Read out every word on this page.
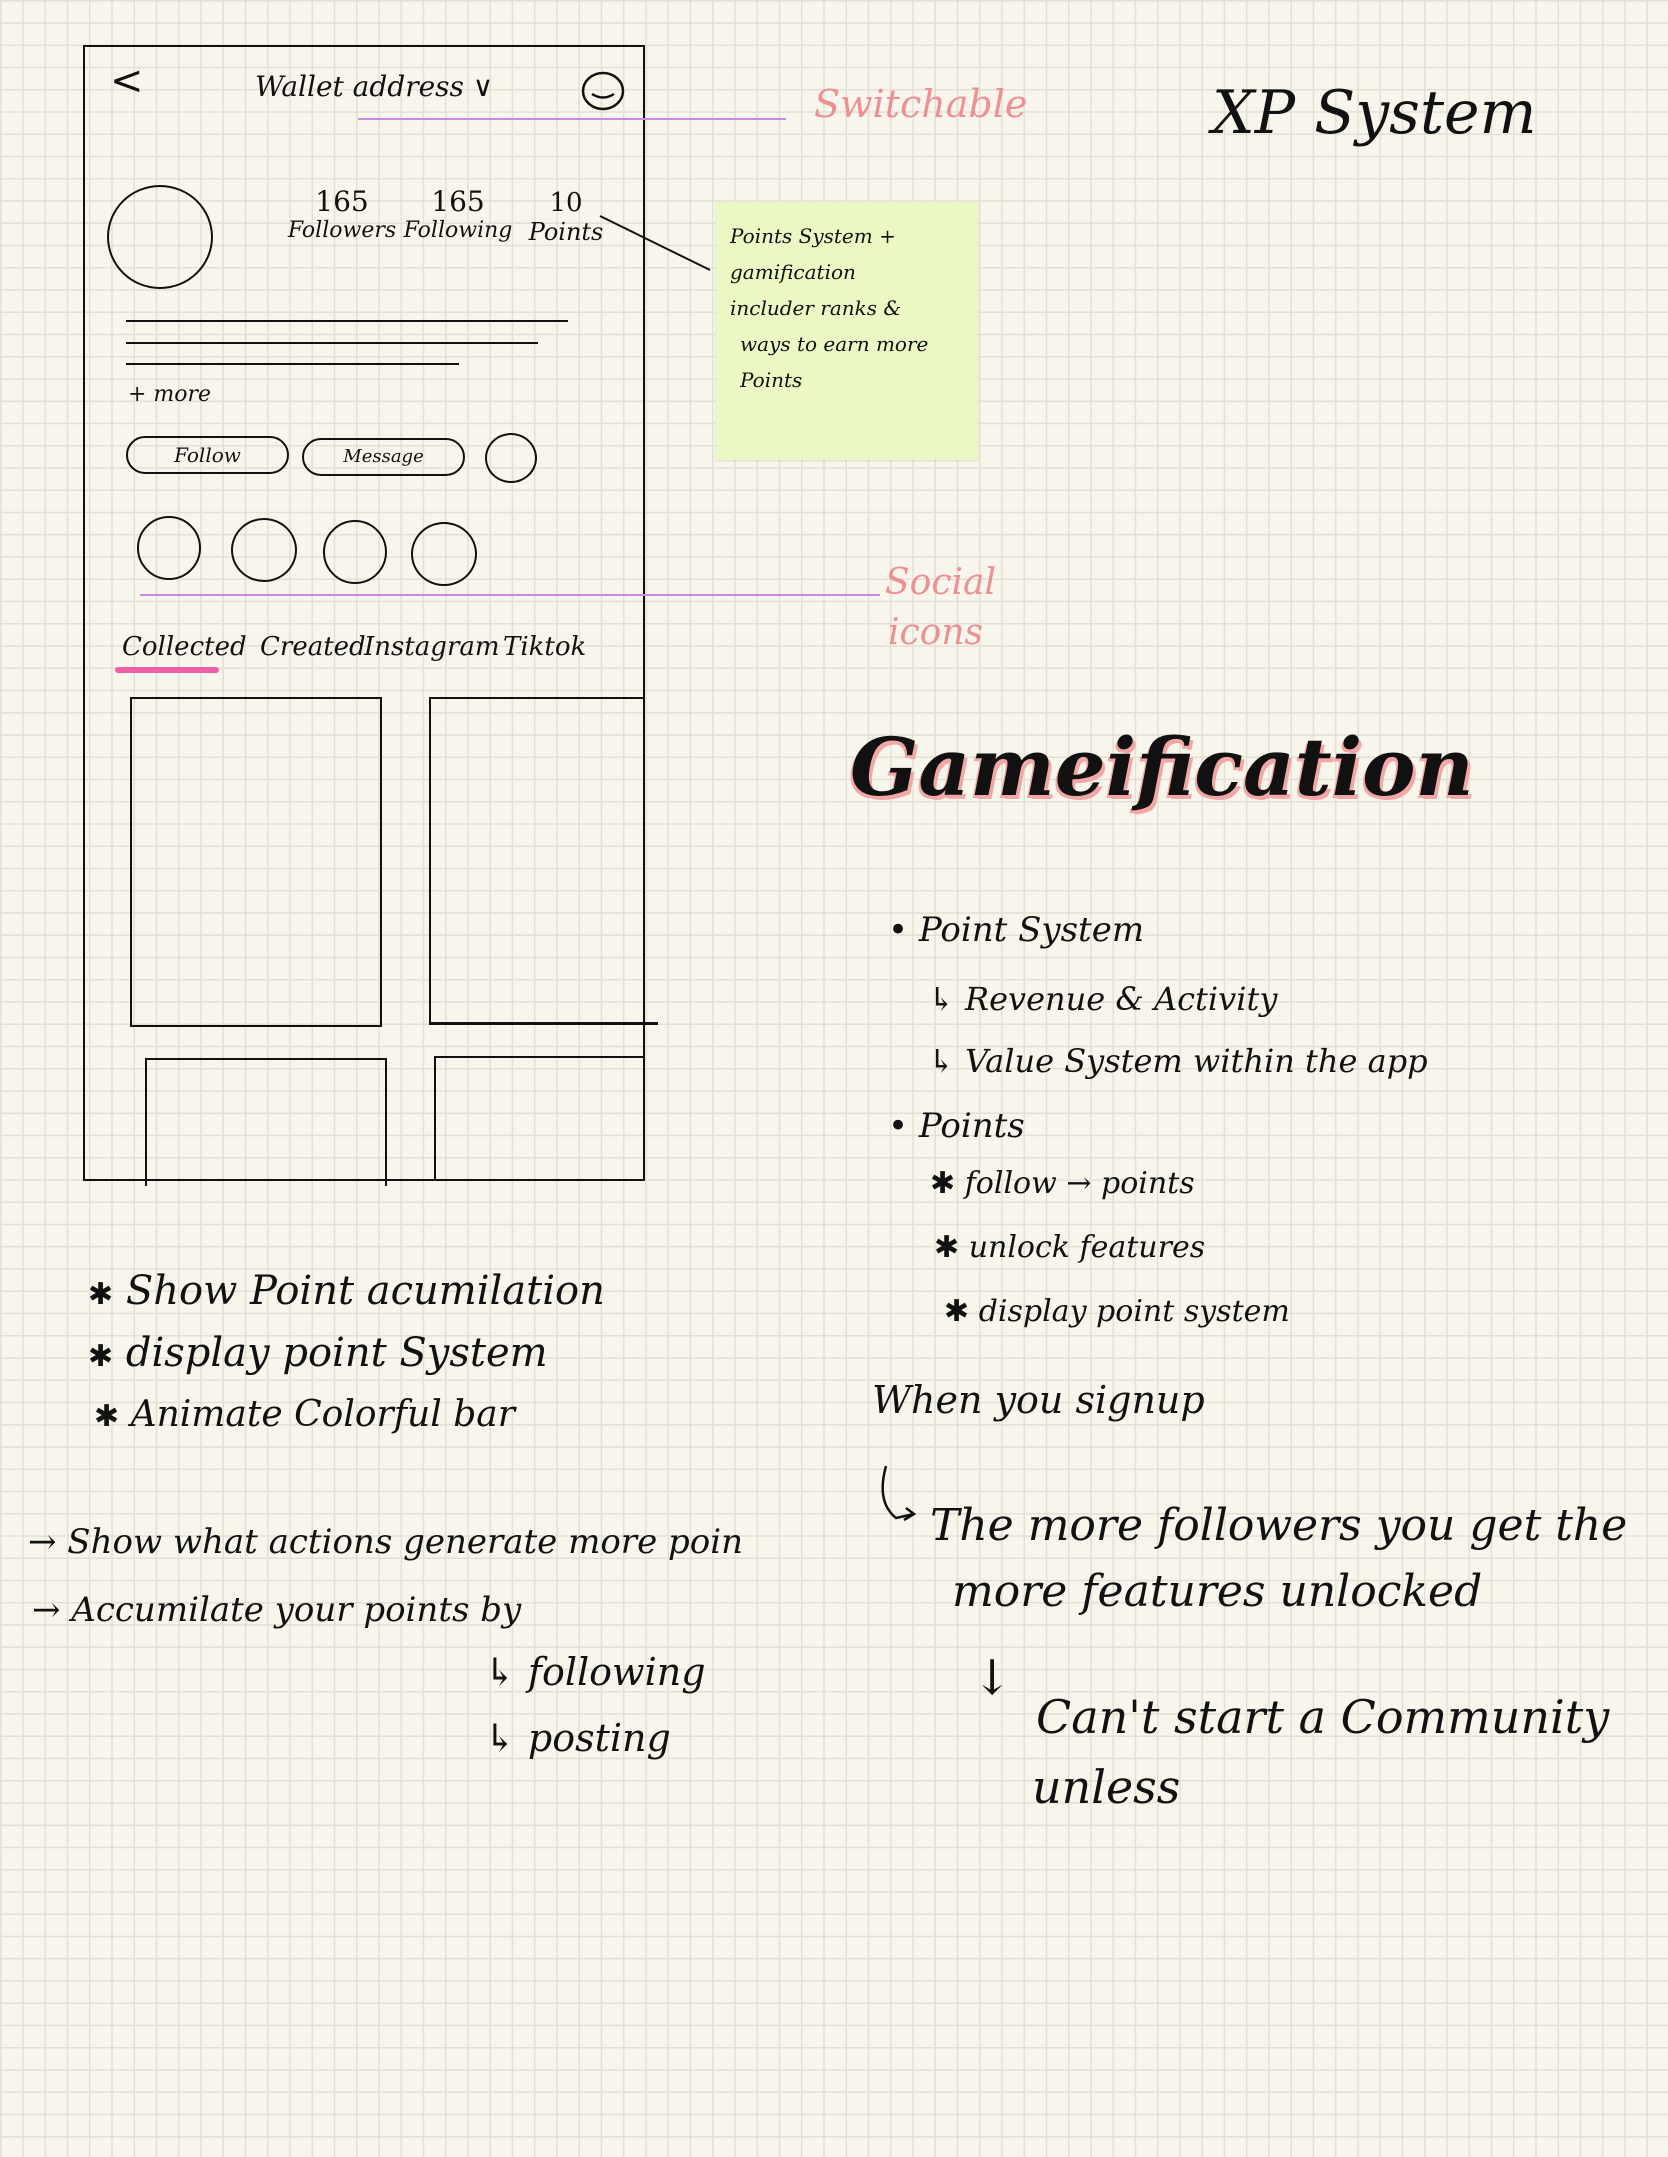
<	Wallet address ∨	Switchable
165
Followers
165
Following
10
Points
+ more
Follow	Message
Social
icons
Collected Created
Instagram Tiktok
Points System + gamification
includer ranks &
ways to earn more
Points
XP System
Gameification
• Point System
↳ Revenue & Activity
↳ Value System within the app
• Points
✱ follow → points
✱ unlock features
✱ display point system
When you signup
The more followers you get the
more features unlocked
↓
Can't start a Community
unless
✱ Show Point acumilation
✱ display point System
✱ Animate Colorful bar
→ Show what actions generate more poin
→ Accumilate your points by
↳ following
↳ posting
